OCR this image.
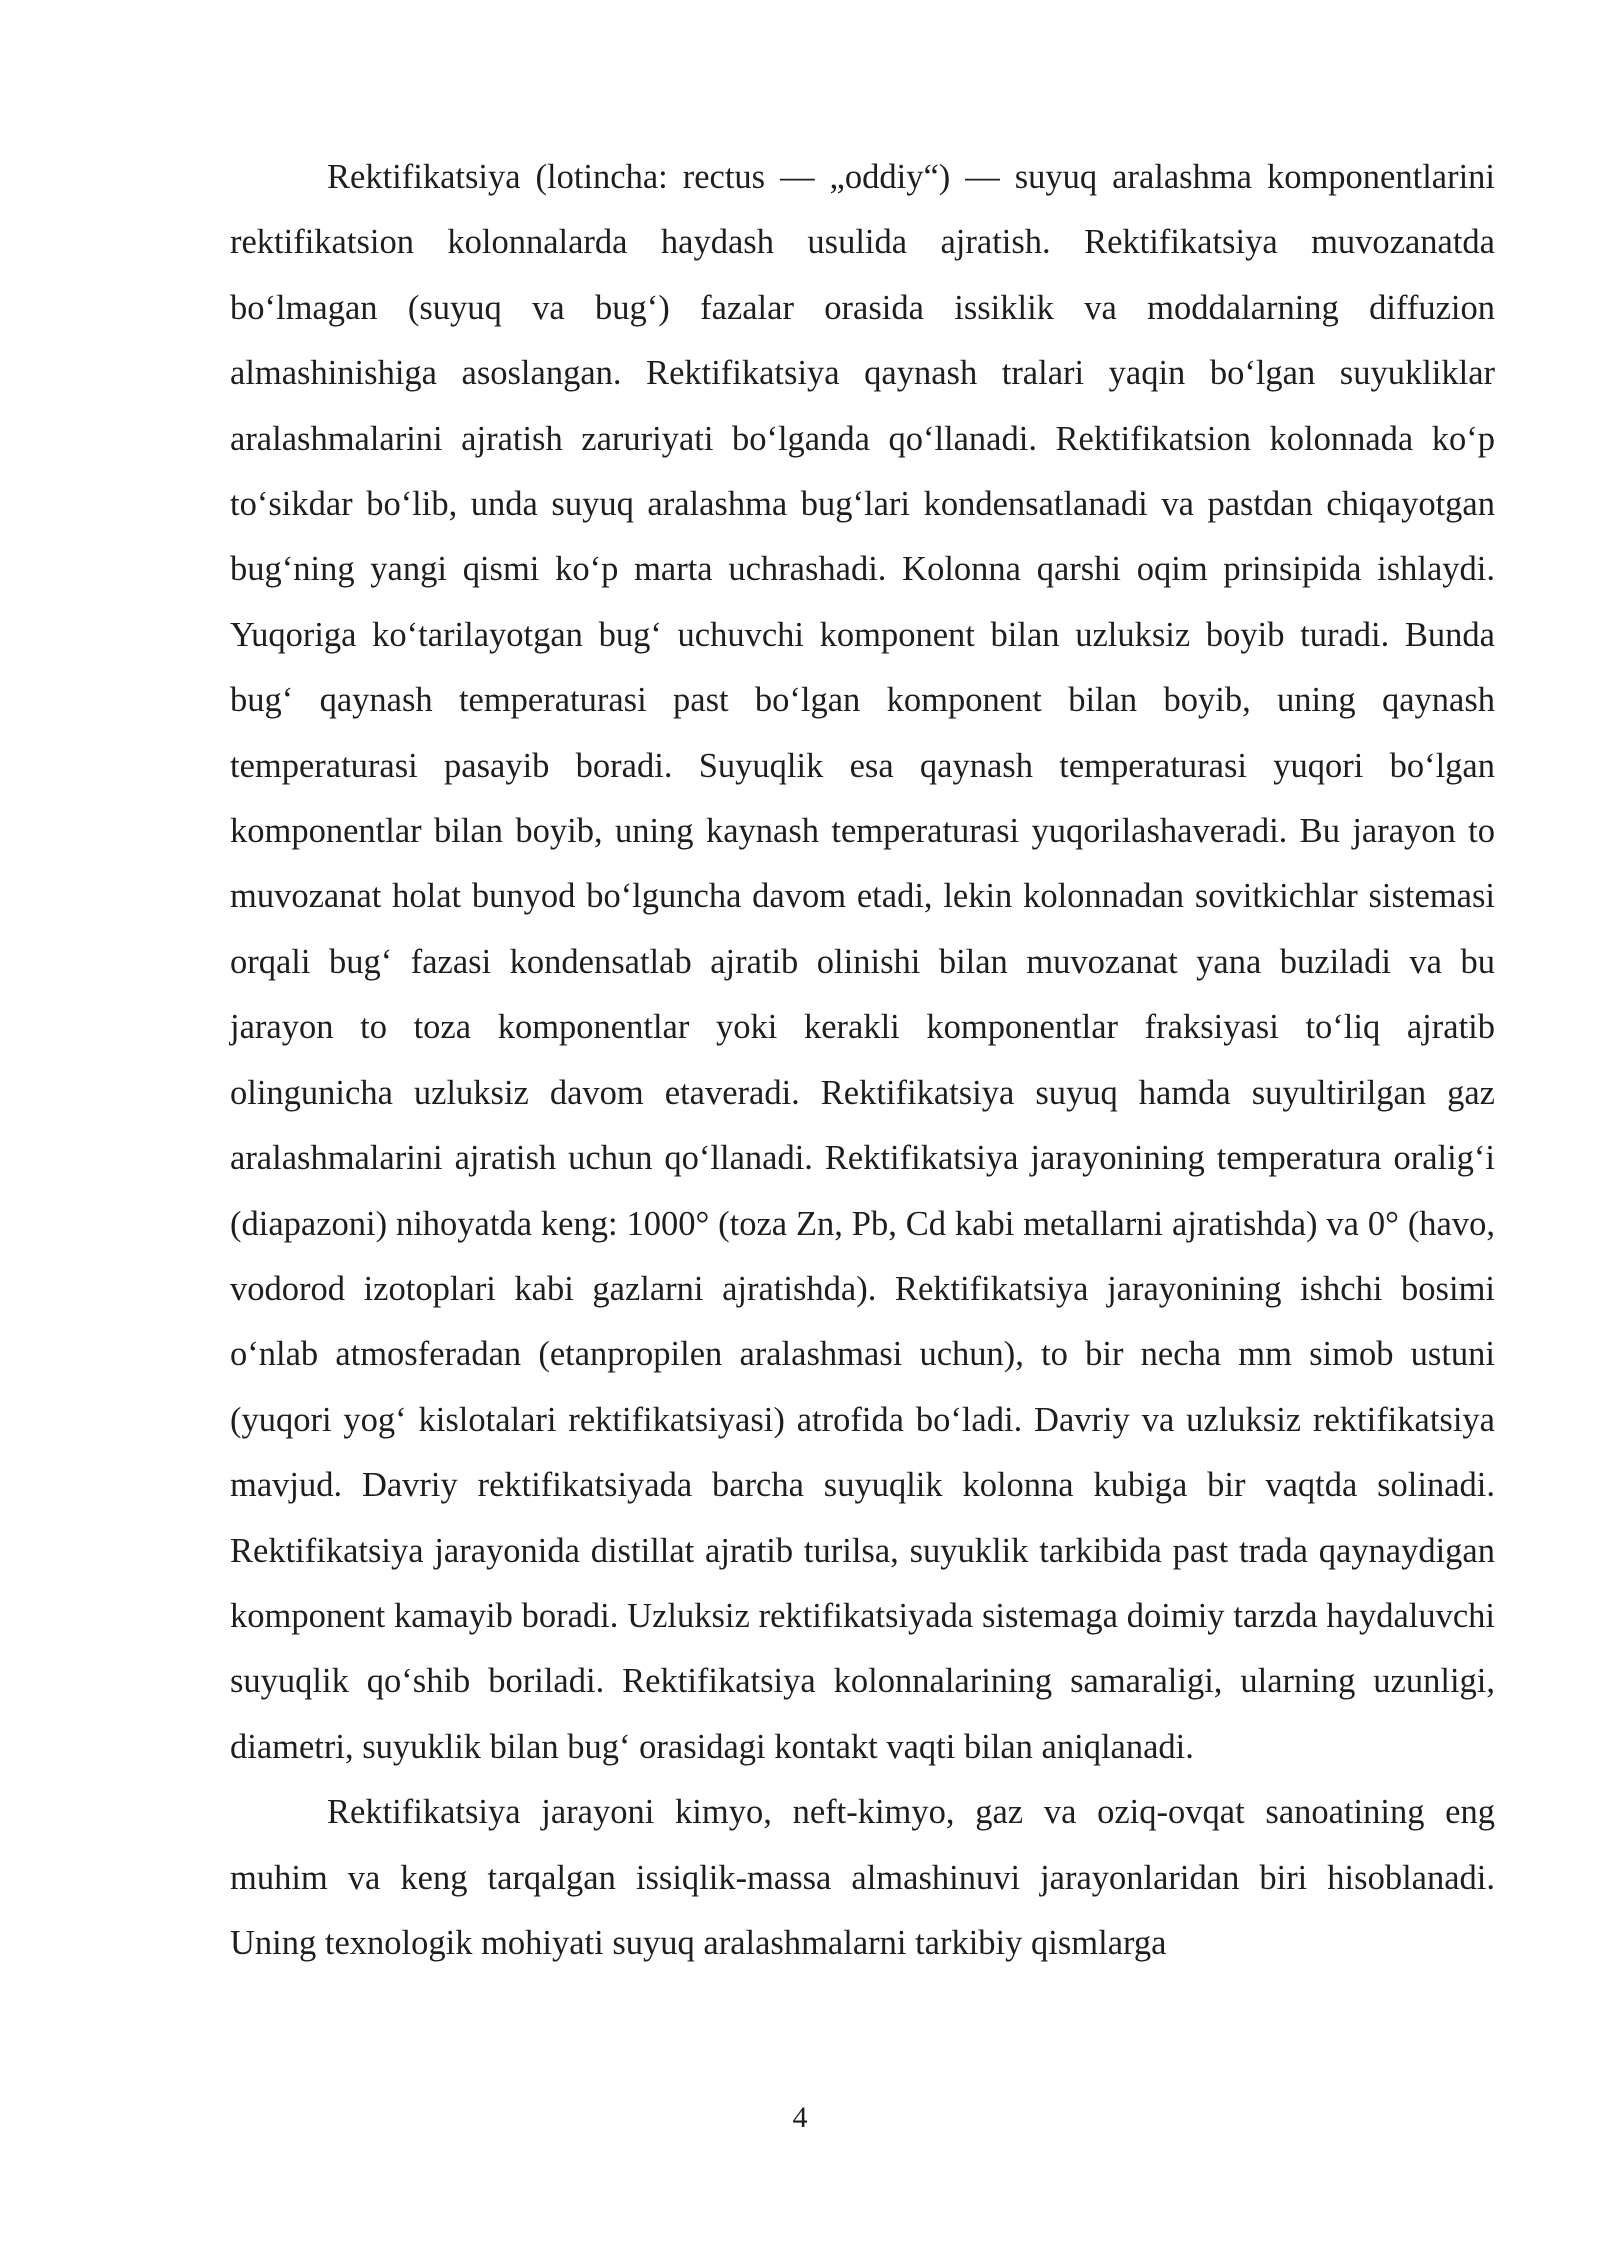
Rektifikatsiya (lotincha: rectus — „oddiy“) — suyuq aralashma komponentlarini rektifikatsion kolonnalarda haydash usulida ajratish. Rektifikatsiya muvozanatda boʻlmagan (suyuq va bugʻ) fazalar orasida issiklik va moddalarning diffuzion almashinishiga asoslangan. Rektifikatsiya qaynash tralari yaqin boʻlgan suyukliklar aralashmalarini ajratish zaruriyati boʻlganda qoʻllanadi. Rektifikatsion kolonnada koʻp toʻsikdar boʻlib, unda suyuq aralashma bugʻlari kondensatlanadi va pastdan chiqayotgan bugʻning yangi qismi koʻp marta uchrashadi. Kolonna qarshi oqim prinsipida ishlaydi. Yuqoriga koʻtarilayotgan bugʻ uchuvchi komponent bilan uzluksiz boyib turadi. Bunda bugʻ qaynash temperaturasi past boʻlgan komponent bilan boyib, uning qaynash temperaturasi pasayib boradi. Suyuqlik esa qaynash temperaturasi yuqori boʻlgan komponentlar bilan boyib, uning kaynash temperaturasi yuqorilashaveradi. Bu jarayon to muvozanat holat bunyod boʻlguncha davom etadi, lekin kolonnadan sovitkichlar sistemasi orqali bugʻ fazasi kondensatlab ajratib olinishi bilan muvozanat yana buziladi va bu jarayon to toza komponentlar yoki kerakli komponentlar fraksiyasi toʻliq ajratib olingunicha uzluksiz davom etaveradi. Rektifikatsiya suyuq hamda suyultirilgan gaz aralashmalarini ajratish uchun qoʻllanadi. Rektifikatsiya jarayonining temperatura oraligʻi (diapazoni) nihoyatda keng: 1000° (toza Zn, Pb, Cd kabi metallarni ajratishda) va 0° (havo, vodorod izotoplari kabi gazlarni ajratishda). Rektifikatsiya jarayonining ishchi bosimi oʻnlab atmosferadan (etanpropilen aralashmasi uchun), to bir necha mm simob ustuni (yuqori yogʻ kislotalari rektifikatsiyasi) atrofida boʻladi. Davriy va uzluksiz rektifikatsiya mavjud. Davriy rektifikatsiyada barcha suyuqlik kolonna kubiga bir vaqtda solinadi. Rektifikatsiya jarayonida distillat ajratib turilsa, suyuklik tarkibida past trada qaynaydigan komponent kamayib boradi. Uzluksiz rektifikatsiyada sistemaga doimiy tarzda haydaluvchi suyuqlik qoʻshib boriladi. Rektifikatsiya kolonnalarining samaraligi, ularning uzunligi, diametri, suyuklik bilan bugʻ orasidagi kontakt vaqti bilan aniqlanadi.

Rektifikatsiya jarayoni kimyo, neft-kimyo, gaz va oziq-ovqat sanoatining eng muhim va keng tarqalgan issiqlik-massa almashinuvi jarayonlaridan biri hisoblanadi. Uning texnologik mohiyati suyuq aralashmalarni tarkibiy qismlarga

4
